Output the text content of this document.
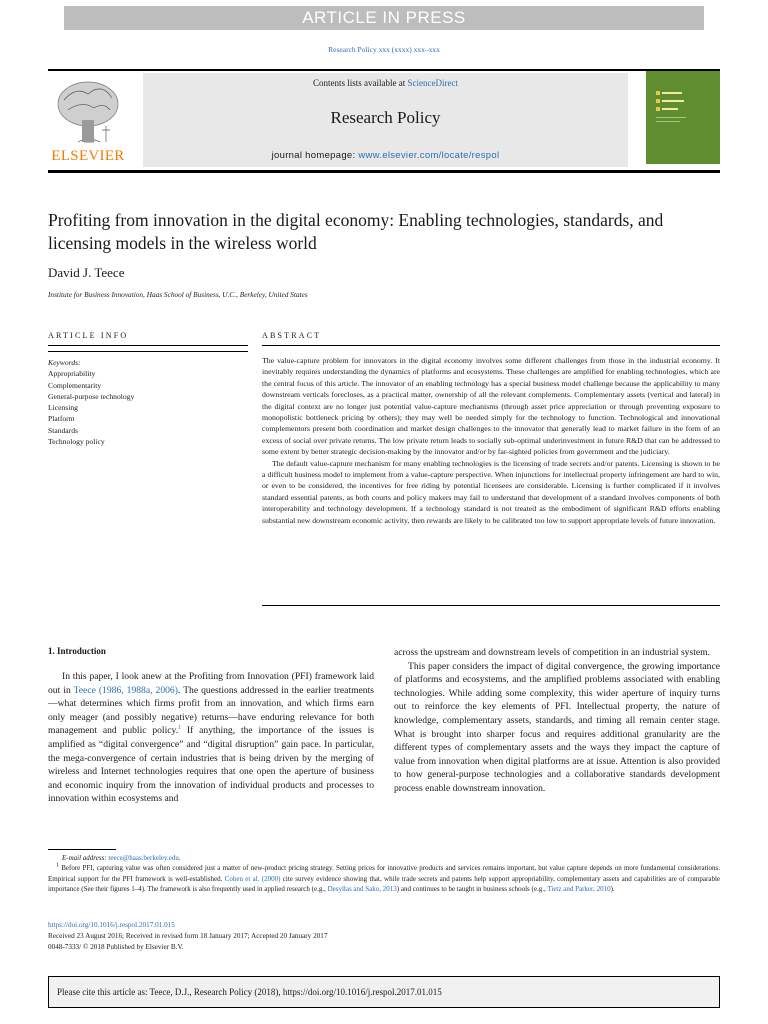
ARTICLE IN PRESS
Research Policy xxx (xxxx) xxx–xxx
Contents lists available at ScienceDirect
Research Policy
journal homepage: www.elsevier.com/locate/respol
ELSEVIER
Profiting from innovation in the digital economy: Enabling technologies, standards, and licensing models in the wireless world
David J. Teece
Institute for Business Innovation, Haas School of Business, U.C., Berkeley, United States
ARTICLE INFO
Keywords:
Appropriability
Complementarity
General-purpose technology
Licensing
Platform
Standards
Technology policy
ABSTRACT

The value-capture problem for innovators in the digital economy involves some different challenges from those in the industrial economy. It inevitably requires understanding the dynamics of platforms and ecosystems. These challenges are amplified for enabling technologies, which are the central focus of this article. The innovator of an enabling technology has a special business model challenge because the applicability to many downstream verticals forecloses, as a practical matter, ownership of all the relevant complements. Complementary assets (vertical and lateral) in the digital context are no longer just potential value-capture mechanisms (through asset price appreciation or through preventing exposure to monopolistic bottleneck pricing by others); they may well be needed simply for the technology to function. Technological and innovational complementors present both coordination and market design challenges to the innovator that generally lead to market failure in the form of an excess of social over private returns. The low private return leads to socially sub-optimal underinvestment in future R&D that can be addressed to some extent by better strategic decision-making by the innovator and/or by far-sighted policies from government and the judiciary.

The default value-capture mechanism for many enabling technologies is the licensing of trade secrets and/or patents. Licensing is shown to be a difficult business model to implement from a value-capture perspective. When injunctions for intellectual property infringement are hard to win, or even to be considered, the incentives for free riding by potential licensees are considerable. Licensing is further complicated if it involves standard essential patents, as both courts and policy makers may fail to understand that development of a standard involves components of both interoperability and technology development. If a technology standard is not treated as the embodiment of significant R&D efforts enabling substantial new downstream economic activity, then rewards are likely to be calibrated too low to support appropriate levels of future innovation.

1. Introduction

In this paper, I look anew at the Profiting from Innovation (PFI) framework laid out in Teece (1986, 1988a, 2006). The questions addressed in the earlier treatments—what determines which firms profit from an innovation, and which firms earn only meager (and possibly negative) returns—have enduring relevance for both management and public policy.$^1$ If anything, the importance of the issues is amplified as “digital convergence” and “digital disruption” gain pace. In particular, the mega-convergence of certain industries that is being driven by the merging of wireless and Internet technologies requires that one open the aperture of business and economic inquiry from the innovation of individual products and processes to innovation within ecosystems and

across the upstream and downstream levels of competition in an industrial system.

This paper considers the impact of digital convergence, the growing importance of platforms and ecosystems, and the amplified problems associated with enabling technologies. While adding some complexity, this wider aperture of inquiry turns out to reinforce the key elements of PFI. Intellectual property, the nature of knowledge, complementary assets, standards, and timing all remain center stage. What is brought into sharper focus and requires additional granularity are the different types of complementary assets and the ways they impact the capture of value from innovation when digital platforms are at issue. Attention is also provided to how general-purpose technologies and a collaborative standards development process enable downstream innovation.

E-mail address: teece@haas.berkeley.edu.

$^1$ Before PFI, capturing value was often considered just a matter of new-product pricing strategy. Setting prices for innovative products and services remains important, but value capture depends on more fundamental considerations. Empirical support for the PFI framework is well-established. Cohen et al. (2000) cite survey evidence showing that, while trade secrets and patents help support appropriability, complementary assets and capabilities are of comparable importance (See their figures 1–4). The framework is also frequently used in applied research (e.g., Desyllas and Sako, 2013) and continues to be taught in business schools (e.g., Tietz and Parker, 2010).

https://doi.org/10.1016/j.respol.2017.01.015
Received 23 August 2016; Received in revised form 18 January 2017; Accepted 20 January 2017
0048-7333/ © 2018 Published by Elsevier B.V.
Please cite this article as: Teece, D.J., Research Policy (2018), https://doi.org/10.1016/j.respol.2017.01.015
